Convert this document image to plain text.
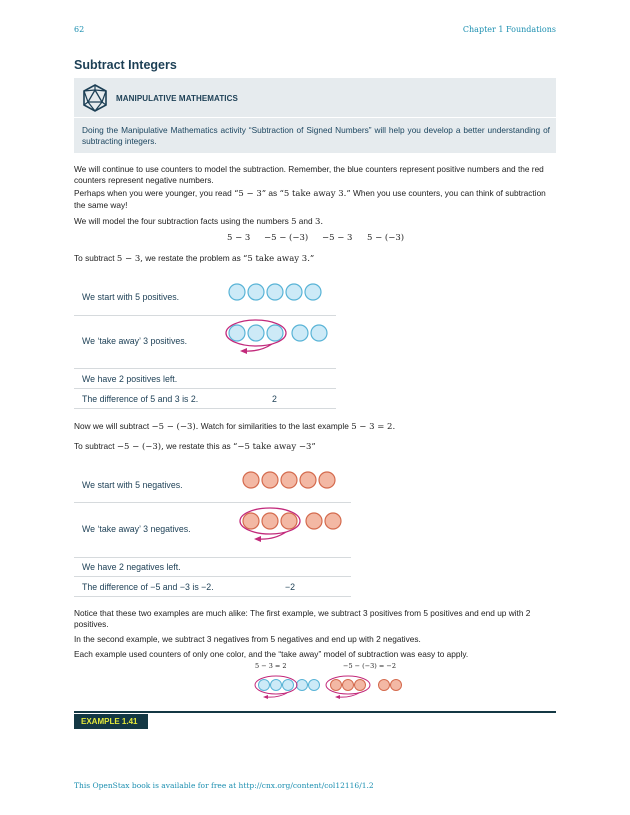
62	Chapter 1 Foundations
Subtract Integers
MANIPULATIVE MATHEMATICS
Doing the Manipulative Mathematics activity “Subtraction of Signed Numbers” will help you develop a better understanding of subtracting integers.
We will continue to use counters to model the subtraction. Remember, the blue counters represent positive numbers and the red counters represent negative numbers.
Perhaps when you were younger, you read “5 − 3” as “5 take away 3.” When you use counters, you can think of subtraction the same way!
We will model the four subtraction facts using the numbers 5 and 3.
5 − 3 −5 − (−3) −5 − 3 5 − (−3)
To subtract 5 − 3, we restate the problem as “5 take away 3.”
We start with 5 positives.
We ‘take away’ 3 positives.
We have 2 positives left.
The difference of 5 and 3 is 2.	2
Now we will subtract −5 − (−3). Watch for similarities to the last example 5 − 3 = 2.
To subtract −5 − (−3), we restate this as “−5 take away −3”
We start with 5 negatives.
We ‘take away’ 3 negatives.
We have 2 negatives left.
The difference of −5 and −3 is −2.	−2
Notice that these two examples are much alike: The first example, we subtract 3 positives from 5 positives and end up with 2 positives.
In the second example, we subtract 3 negatives from 5 negatives and end up with 2 negatives.
Each example used counters of only one color, and the “take away” model of subtraction was easy to apply.
5 − 3 = 2	−5 − (−3) = −2
EXAMPLE 1.41
This OpenStax book is available for free at http://cnx.org/content/col12116/1.2
